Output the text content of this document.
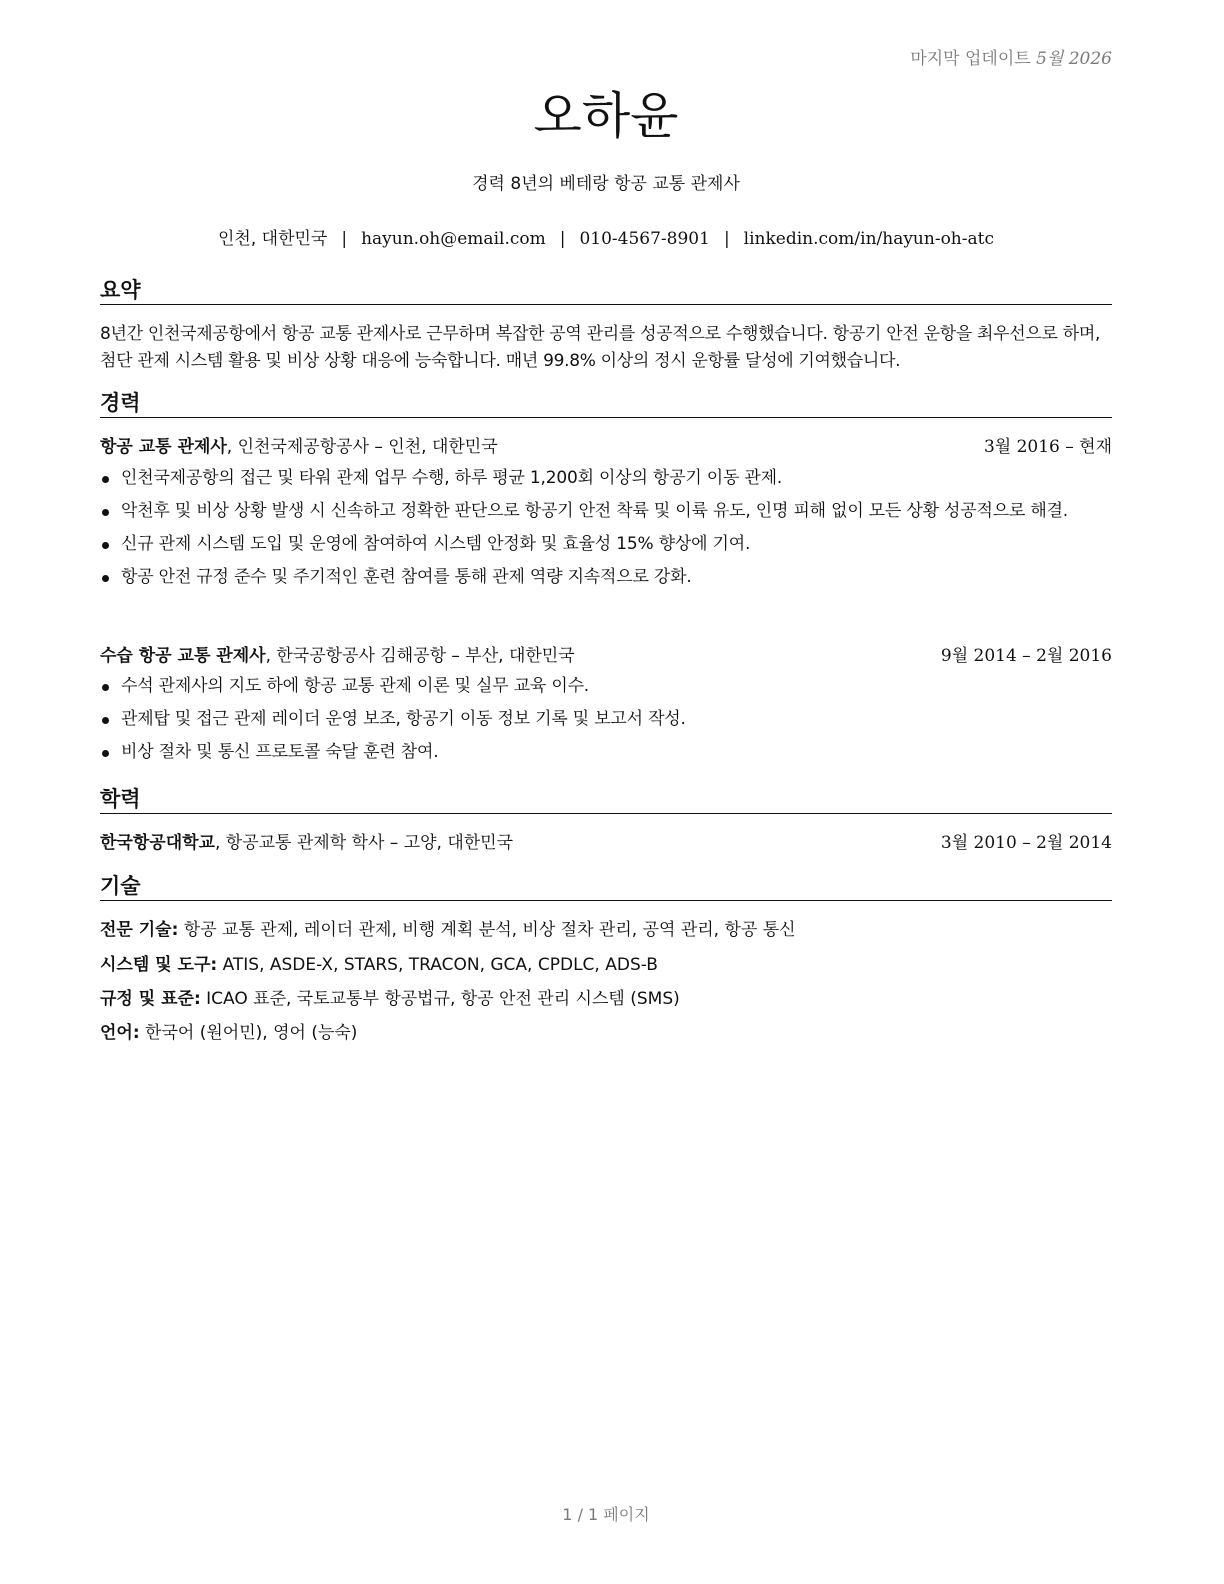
마지막 업데이트 5월 2026
오하윤
경력 8년의 베테랑 항공 교통 관제사
인천, 대한민국 | hayun.oh@email.com | 010-4567-8901 | linkedin.com/in/hayun-oh-atc
요약
8년간 인천국제공항에서 항공 교통 관제사로 근무하며 복잡한 공역 관리를 성공적으로 수행했습니다. 항공기 안전 운항을 최우선으로 하며, 첨단 관제 시스템 활용 및 비상 상황 대응에 능숙합니다. 매년 99.8% 이상의 정시 운항률 달성에 기여했습니다.
경력
항공 교통 관제사, 인천국제공항공사 – 인천, 대한민국	3월 2016 – 현재
인천국제공항의 접근 및 타워 관제 업무 수행, 하루 평균 1,200회 이상의 항공기 이동 관제.
악천후 및 비상 상황 발생 시 신속하고 정확한 판단으로 항공기 안전 착륙 및 이륙 유도, 인명 피해 없이 모든 상황 성공적으로 해결.
신규 관제 시스템 도입 및 운영에 참여하여 시스템 안정화 및 효율성 15% 향상에 기여.
항공 안전 규정 준수 및 주기적인 훈련 참여를 통해 관제 역량 지속적으로 강화.
수습 항공 교통 관제사, 한국공항공사 김해공항 – 부산, 대한민국	9월 2014 – 2월 2016
수석 관제사의 지도 하에 항공 교통 관제 이론 및 실무 교육 이수.
관제탑 및 접근 관제 레이더 운영 보조, 항공기 이동 정보 기록 및 보고서 작성.
비상 절차 및 통신 프로토콜 숙달 훈련 참여.
학력
한국항공대학교, 항공교통 관제학 학사 – 고양, 대한민국	3월 2010 – 2월 2014
기술
전문 기술: 항공 교통 관제, 레이더 관제, 비행 계획 분석, 비상 절차 관리, 공역 관리, 항공 통신
시스템 및 도구: ATIS, ASDE-X, STARS, TRACON, GCA, CPDLC, ADS-B
규정 및 표준: ICAO 표준, 국토교통부 항공법규, 항공 안전 관리 시스템 (SMS)
언어: 한국어 (원어민), 영어 (능숙)
1 / 1 페이지
